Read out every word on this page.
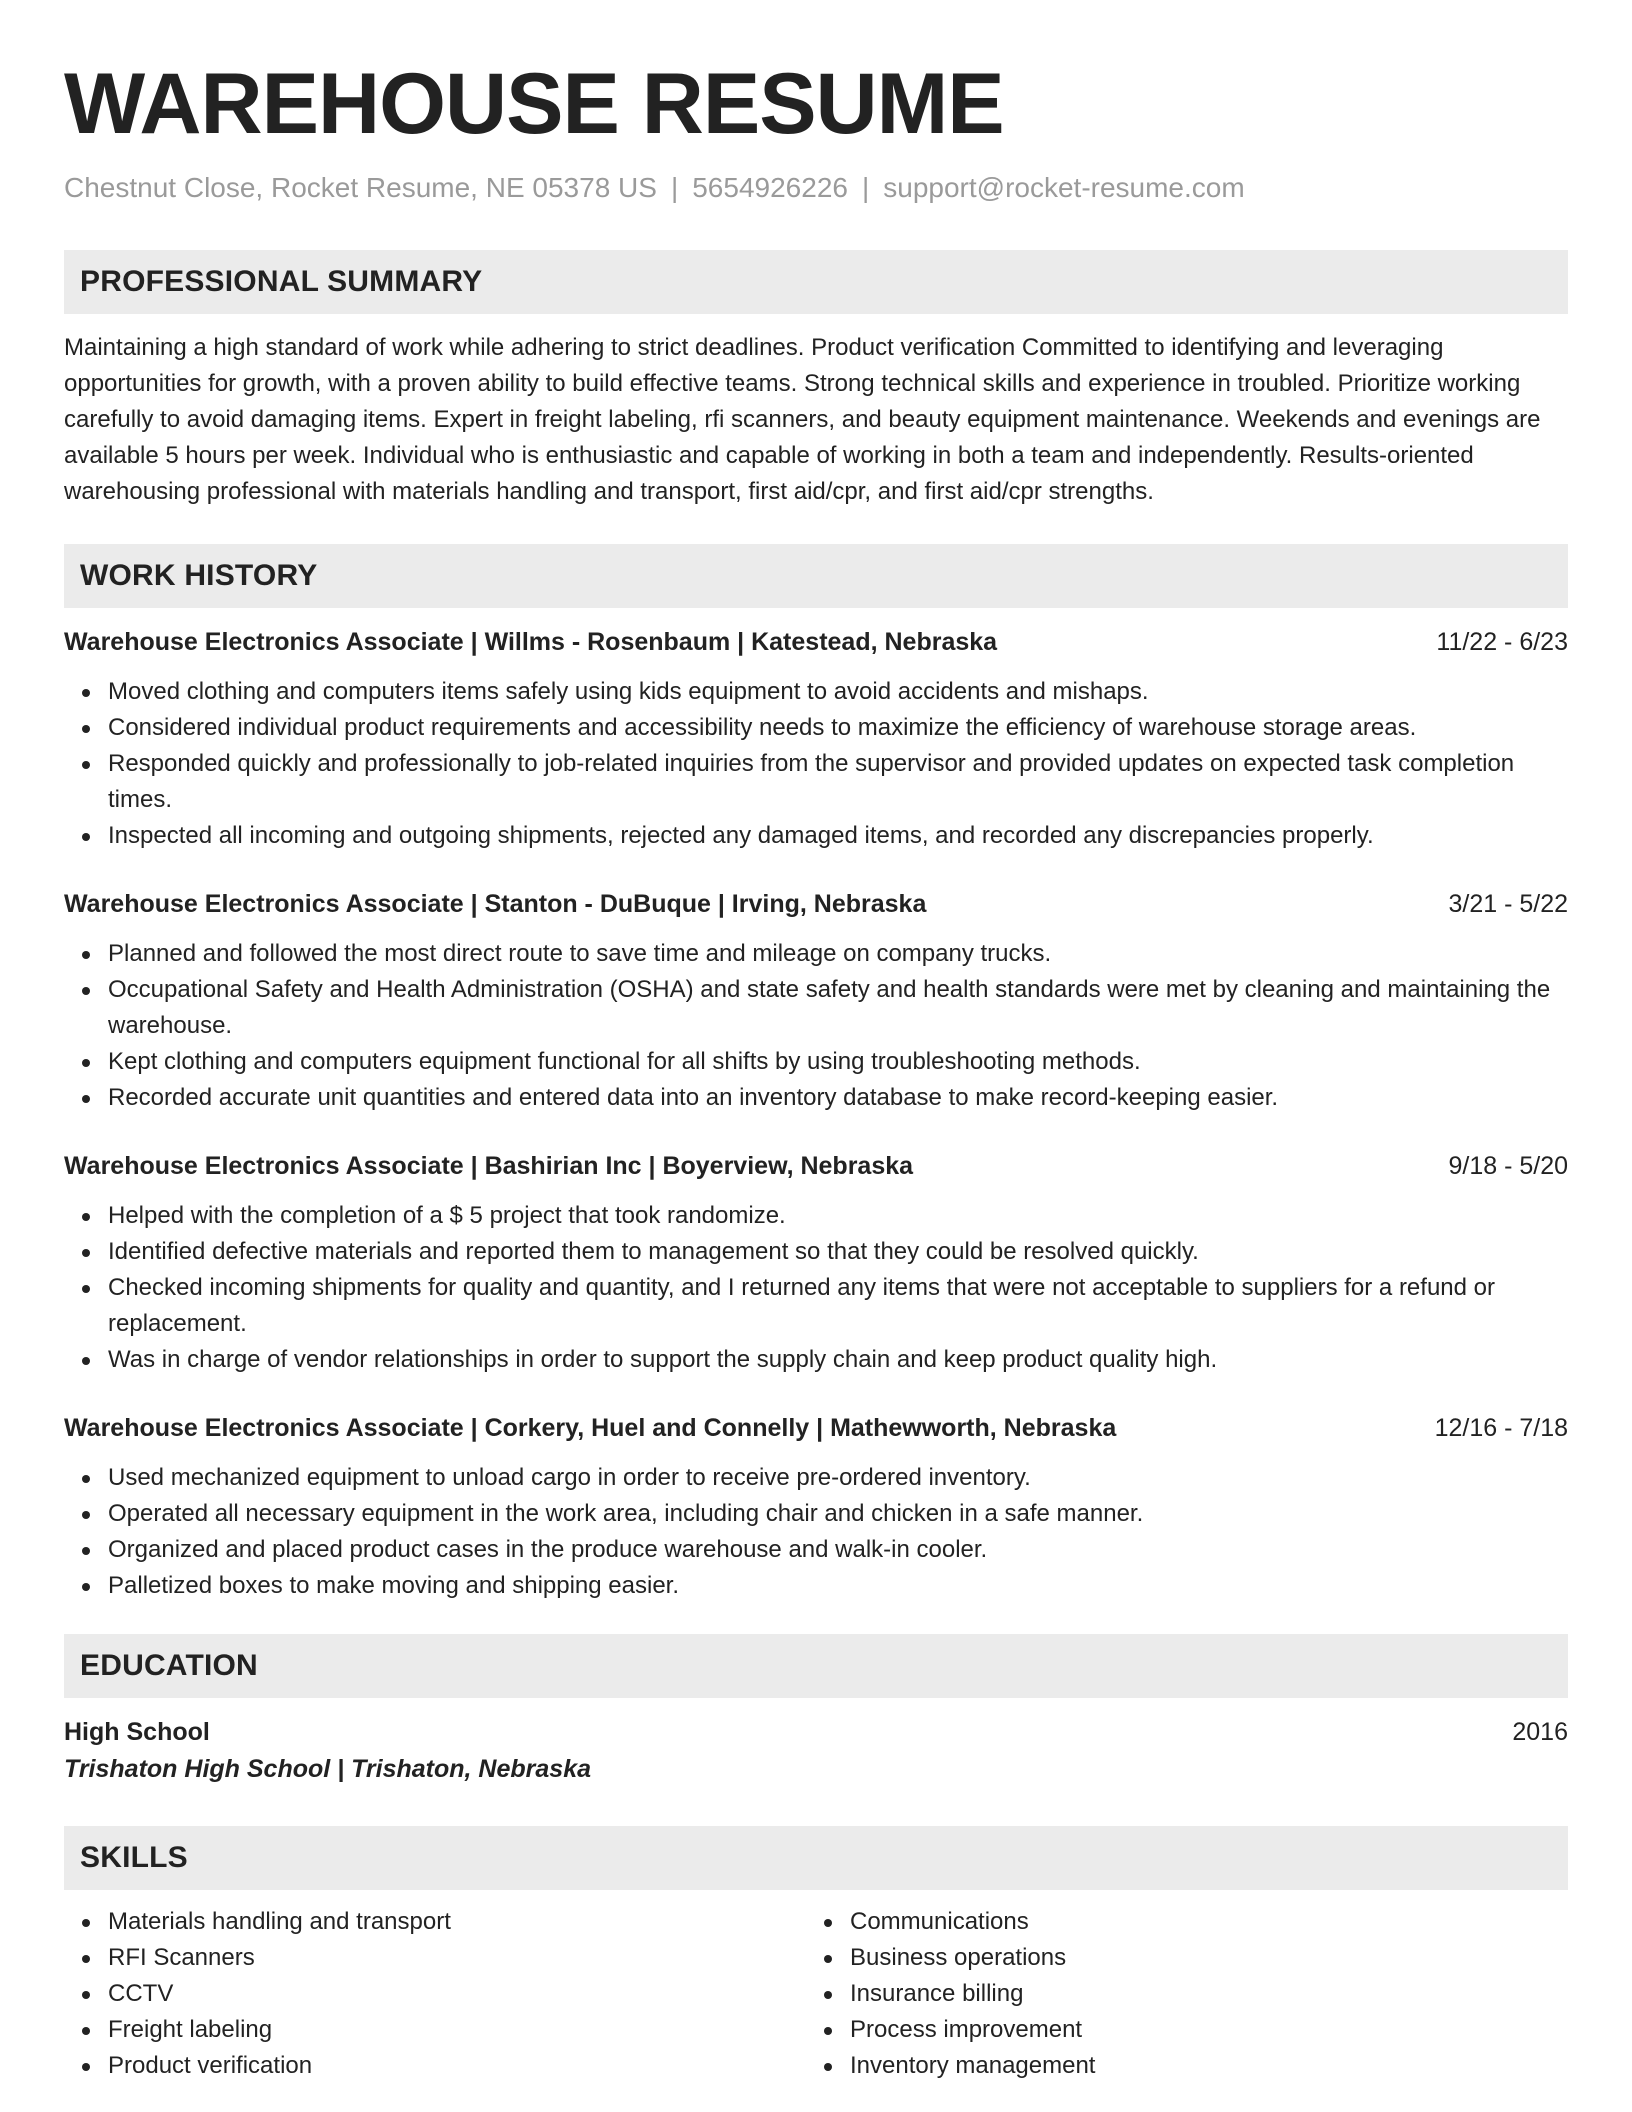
WAREHOUSE RESUME
Chestnut Close, Rocket Resume, NE 05378 US | 5654926226 | support@rocket-resume.com
PROFESSIONAL SUMMARY

Maintaining a high standard of work while adhering to strict deadlines. Product verification Committed to identifying and leveraging opportunities for growth, with a proven ability to build effective teams. Strong technical skills and experience in troubled. Prioritize working carefully to avoid damaging items. Expert in freight labeling, rfi scanners, and beauty equipment maintenance. Weekends and evenings are available 5 hours per week. Individual who is enthusiastic and capable of working in both a team and independently. Results-oriented warehousing professional with materials handling and transport, first aid/cpr, and first aid/cpr strengths.

WORK HISTORY
Warehouse Electronics Associate | Willms - Rosenbaum | Katestead, Nebraska	11/22 - 6/23
Moved clothing and computers items safely using kids equipment to avoid accidents and mishaps.
Considered individual product requirements and accessibility needs to maximize the efficiency of warehouse storage areas.
Responded quickly and professionally to job-related inquiries from the supervisor and provided updates on expected task completion times.
Inspected all incoming and outgoing shipments, rejected any damaged items, and recorded any discrepancies properly.
Warehouse Electronics Associate | Stanton - DuBuque | Irving, Nebraska	3/21 - 5/22
Planned and followed the most direct route to save time and mileage on company trucks.
Occupational Safety and Health Administration (OSHA) and state safety and health standards were met by cleaning and maintaining the warehouse.
Kept clothing and computers equipment functional for all shifts by using troubleshooting methods.
Recorded accurate unit quantities and entered data into an inventory database to make record-keeping easier.
Warehouse Electronics Associate | Bashirian Inc | Boyerview, Nebraska	9/18 - 5/20
Helped with the completion of a $ 5 project that took randomize.
Identified defective materials and reported them to management so that they could be resolved quickly.
Checked incoming shipments for quality and quantity, and I returned any items that were not acceptable to suppliers for a refund or replacement.
Was in charge of vendor relationships in order to support the supply chain and keep product quality high.
Warehouse Electronics Associate | Corkery, Huel and Connelly | Mathewworth, Nebraska	12/16 - 7/18
Used mechanized equipment to unload cargo in order to receive pre-ordered inventory.
Operated all necessary equipment in the work area, including chair and chicken in a safe manner.
Organized and placed product cases in the produce warehouse and walk-in cooler.
Palletized boxes to make moving and shipping easier.
EDUCATION
High School	2016
Trishaton High School | Trishaton, Nebraska
SKILLS
Materials handling and transport
RFI Scanners
CCTV
Freight labeling
Product verification
Communications
Business operations
Insurance billing
Process improvement
Inventory management
